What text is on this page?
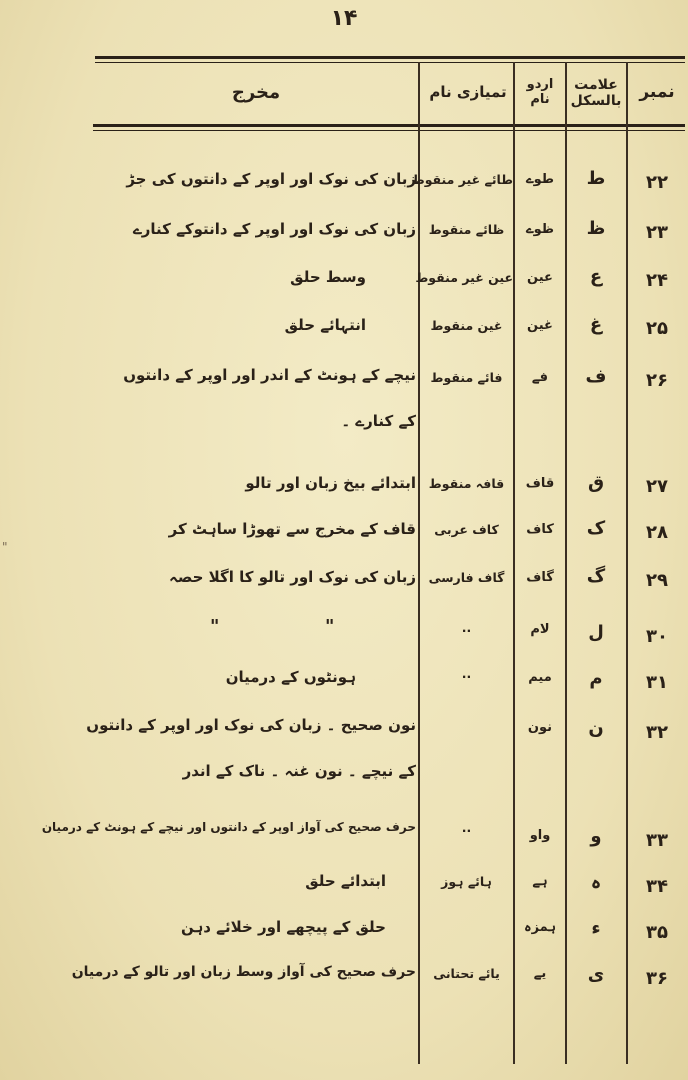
۱۴
نمبر
علامت بالسکل
اردو نام
تمیازی نام
مخرج
۲۲
ط
طوے
طائے غیر منقوط
زبان کی نوک اور اوپر کے دانتوں کی جڑ
۲۳
ظ
ظوے
ظائے منقوط
زبان کی نوک اور اوپر کے دانتوکے کنارے
۲۴
ع
عین
عین غیر منقوط
وسط حلق
۲۵
غ
غین
غین منقوط
انتہائے حلق
۲۶
ف
فے
فائے منقوط
نیچے کے ہونٹ کے اندر اور اوپر کے دانتوں
کے کنارے ۔
۲۷
ق
قاف
قافہ منقوط
ابتدائے بیخ زبان اور تالو
۲۸
ک
کاف
کاف عربی
قاف کے مخرج سے تھوڑا ساہٹ کر
۲۹
گ
گاف
گاف فارسی
زبان کی نوک اور تالو کا اگلا حصہ
۳۰
ل
لام
..
"	"
۳۱
م
میم
..
ہونٹوں کے درمیان
۳۲
ن
نون
نون صحیح ۔ زبان کی نوک اور اوپر کے دانتوں
کے نیچے ۔ نون غنہ ۔ ناک کے اندر
۳۳
و
واو
..
حرف صحیح کی آواز اوپر کے دانتوں اور نیچے کے ہونٹ کے درمیان
۳۴
ہ
ہے
ہائے ہوز
ابتدائے حلق
۳۵
ء
ہمزہ
حلق کے پیچھے اور خلائے دہن
۳۶
ی
یے
یائے تحتانی
حرف صحیح کی آواز وسط زبان اور تالو کے درمیان
"
